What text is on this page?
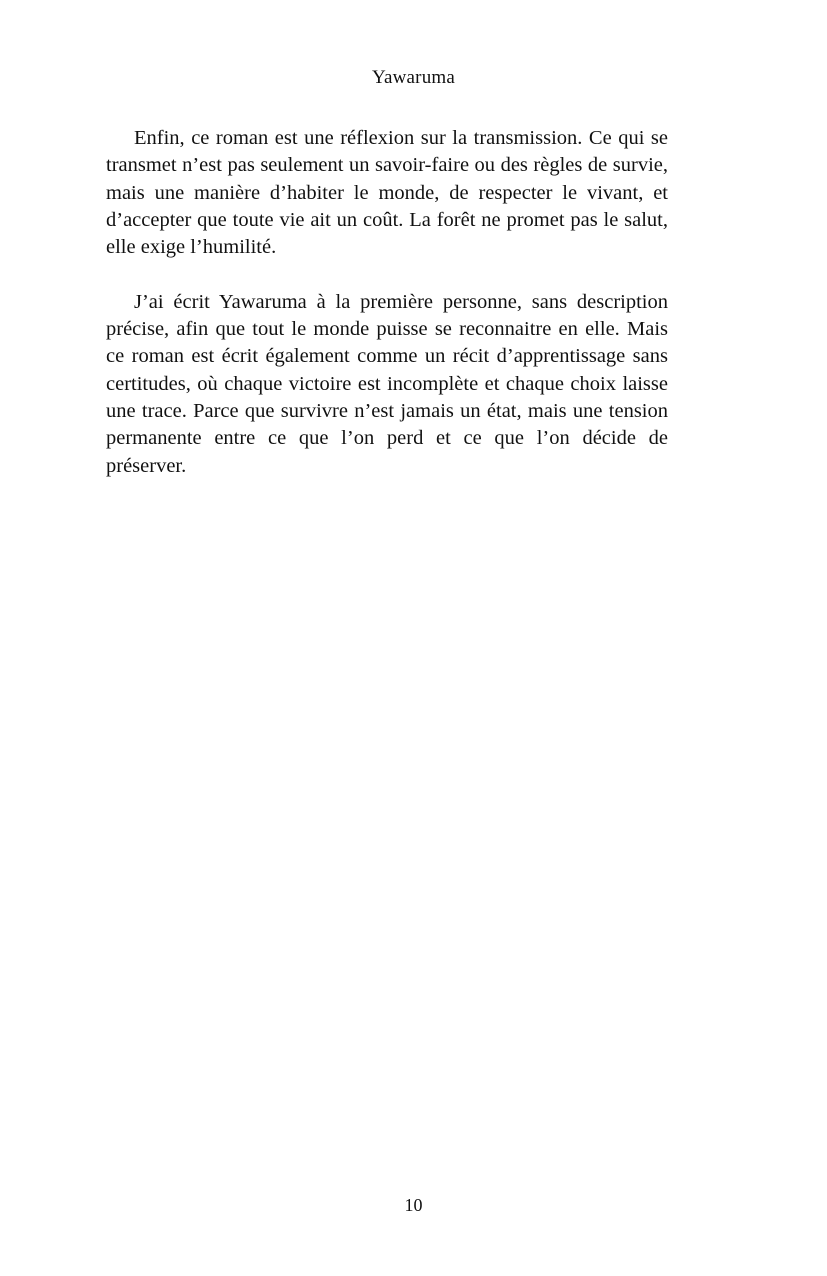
Yawaruma

Enfin, ce roman est une réflexion sur la transmission. Ce qui se transmet n’est pas seulement un savoir-faire ou des règles de survie, mais une manière d’habiter le monde, de respecter le vivant, et d’accepter que toute vie ait un coût. La forêt ne promet pas le salut, elle exige l’humilité.

J’ai écrit Yawaruma à la première personne, sans description précise, afin que tout le monde puisse se reconnaitre en elle. Mais ce roman est écrit également comme un récit d’apprentissage sans certitudes, où chaque victoire est incomplète et chaque choix laisse une trace. Parce que survivre n’est jamais un état, mais une tension permanente entre ce que l’on perd et ce que l’on décide de préserver.

10
